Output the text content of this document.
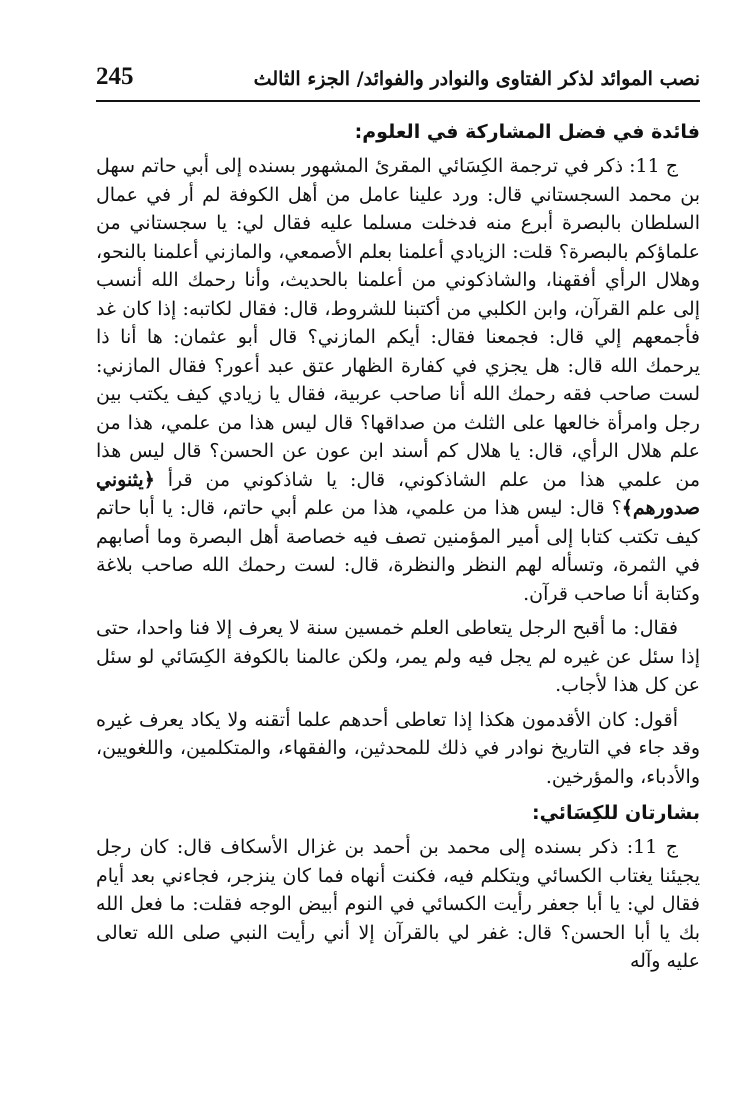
245	نصب الموائد لذكر الفتاوى والنوادر والفوائد/ الجزء الثالث
فائدة في فضل المشاركة في العلوم:

ج 11: ذكر في ترجمة الكِسَائي المقرئ المشهور بسنده إلى أبي حاتم سهل بن محمد السجستاني قال: ورد علينا عامل من أهل الكوفة لم أر في عمال السلطان بالبصرة أبرع منه فدخلت مسلما عليه فقال لي: يا سجستاني من علماؤكم بالبصرة؟ قلت: الزيادي أعلمنا بعلم الأصمعي، والمازني أعلمنا بالنحو، وهلال الرأي أفقهنا، والشاذكوني من أعلمنا بالحديث، وأنا رحمك الله أنسب إلى علم القرآن، وابن الكلبي من أكتبنا للشروط، قال: فقال لكاتبه: إذا كان غد فأجمعهم إلي قال: فجمعنا فقال: أيكم المازني؟ قال أبو عثمان: ها أنا ذا يرحمك الله قال: هل يجزي في كفارة الظهار عتق عبد أعور؟ فقال المازني: لست صاحب فقه رحمك الله أنا صاحب عربية، فقال يا زيادي كيف يكتب بين رجل وامرأة خالعها على الثلث من صداقها؟ قال ليس هذا من علمي، هذا من علم هلال الرأي، قال: يا هلال كم أسند ابن عون عن الحسن؟ قال ليس هذا من علمي هذا من علم الشاذكوني، قال: يا شاذكوني من قرأ ﴿يثنوني صدورهم﴾؟ قال: ليس هذا من علمي، هذا من علم أبي حاتم، قال: يا أبا حاتم كيف تكتب كتابا إلى أمير المؤمنين تصف فيه خصاصة أهل البصرة وما أصابهم في الثمرة، وتسأله لهم النظر والنظرة، قال: لست رحمك الله صاحب بلاغة وكتابة أنا صاحب قرآن.

فقال: ما أقبح الرجل يتعاطى العلم خمسين سنة لا يعرف إلا فنا واحدا، حتى إذا سئل عن غيره لم يجل فيه ولم يمر، ولكن عالمنا بالكوفة الكِسَائي لو سئل عن كل هذا لأجاب.

أقول: كان الأقدمون هكذا إذا تعاطى أحدهم علما أتقنه ولا يكاد يعرف غيره وقد جاء في التاريخ نوادر في ذلك للمحدثين، والفقهاء، والمتكلمين، واللغويين، والأدباء، والمؤرخين.

بشارتان للكِسَائي:

ج 11: ذكر بسنده إلى محمد بن أحمد بن غزال الأسكاف قال: كان رجل يجيئنا يغتاب الكسائي ويتكلم فيه، فكنت أنهاه فما كان ينزجر، فجاءني بعد أيام فقال لي: يا أبا جعفر رأيت الكسائي في النوم أبيض الوجه فقلت: ما فعل الله بك يا أبا الحسن؟ قال: غفر لي بالقرآن إلا أني رأيت النبي صلى الله تعالى عليه وآله
